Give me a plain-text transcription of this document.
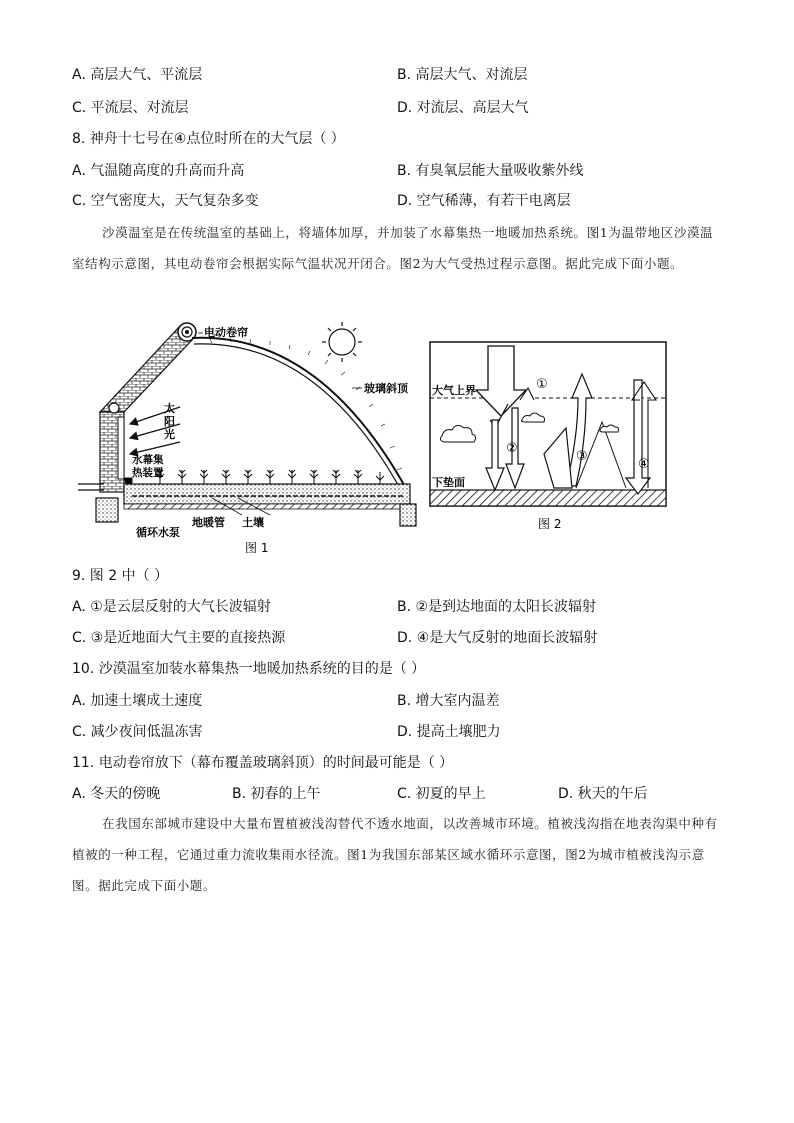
A. 高层大气、平流层	B. 高层大气、对流层
C. 平流层、对流层	D. 对流层、高层大气
8. 神舟十七号在④点位时所在的大气层（ ）
A. 气温随高度的升高而升高	B. 有臭氧层能大量吸收紫外线
C. 空气密度大，天气复杂多变	D. 空气稀薄，有若干电离层

沙漠温室是在传统温室的基础上，将墙体加厚，并加装了水幕集热一地暖加热系统。图1为温带地区沙漠温室结构示意图，其电动卷帘会根据实际气温状况开闭合。图2为大气受热过程示意图。据此完成下面小题。

电动卷帘
玻璃斜顶
太
阳
光
水幕集
热装置
循环水泵
地暖管 土壤
图 1
大气上界
下垫面
①
②
③
④
图 2
9. 图 2 中（ ）
A. ①是云层反射的大气长波辐射	B. ②是到达地面的太阳长波辐射
C. ③是近地面大气主要的直接热源	D. ④是大气反射的地面长波辐射
10. 沙漠温室加装水幕集热一地暖加热系统的目的是（ ）
A. 加速土壤成土速度	B. 增大室内温差
C. 减少夜间低温冻害	D. 提高土壤肥力
11. 电动卷帘放下（幕布覆盖玻璃斜顶）的时间最可能是（ ）
A. 冬天的傍晚	B. 初春的上午	C. 初夏的早上	D. 秋天的午后

在我国东部城市建设中大量布置植被浅沟替代不透水地面，以改善城市环境。植被浅沟指在地表沟渠中种有植被的一种工程，它通过重力流收集雨水径流。图1为我国东部某区域水循环示意图，图2为城市植被浅沟示意图。据此完成下面小题。
